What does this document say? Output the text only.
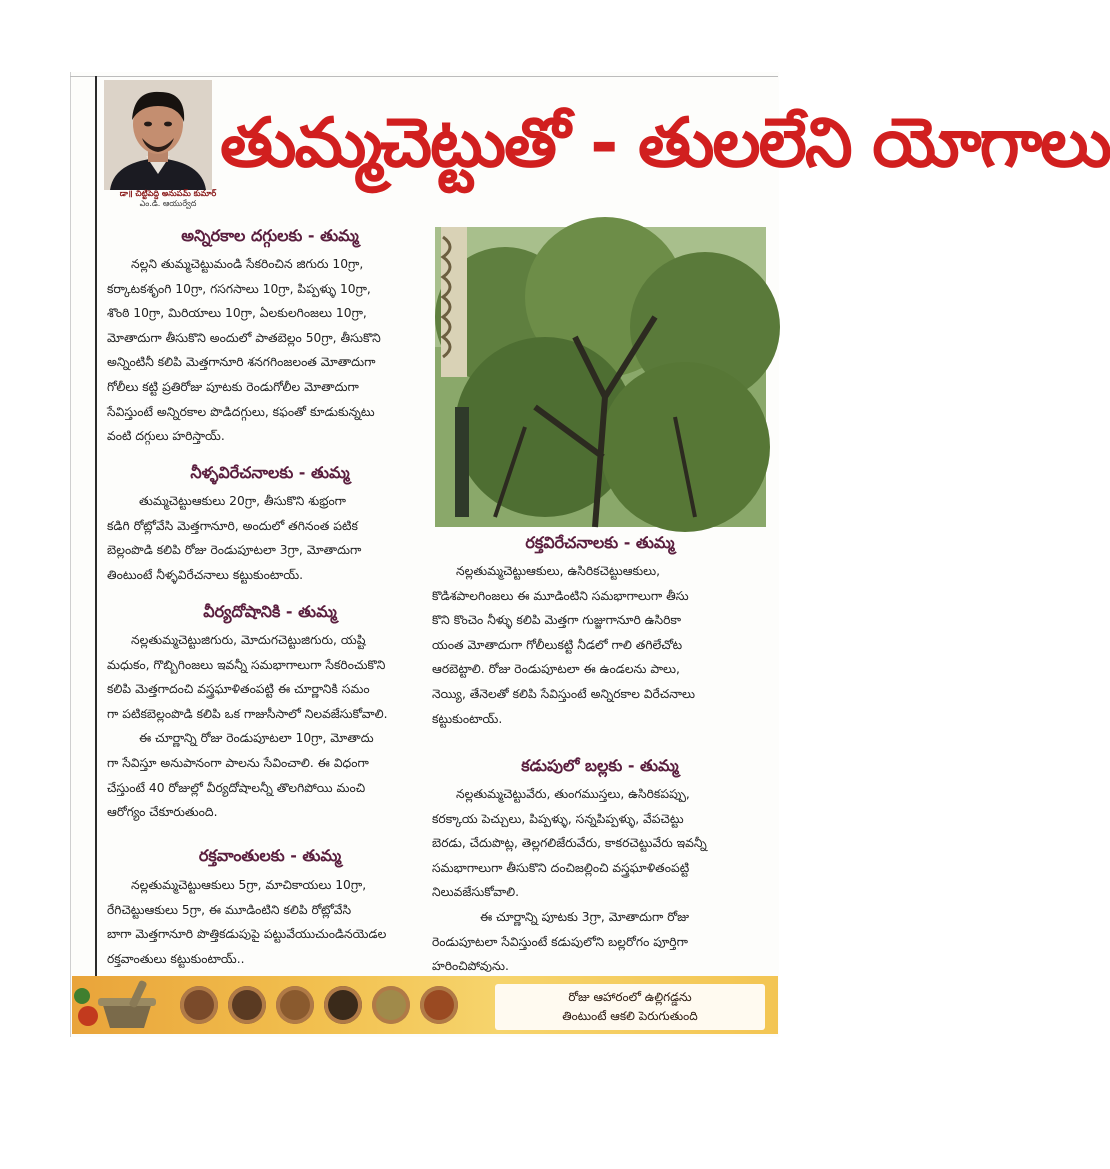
డా॥ చిట్టిపెద్ది అనుపమ్ కుమార్
ఎం.డి. ఆయుర్వేద
తుమ్మచెట్టుతో - తులలేని యోగాలు
అన్నిరకాల దగ్గులకు - తుమ్మ
నల్లని తుమ్మచెట్టుమండి సేకరించిన జిగురు 10గ్రా,
కర్కాటకశృంగి 10గ్రా, గసగసాలు 10గ్రా, పిప్పళ్ళు 10గ్రా,
శొంఠి 10గ్రా, మిరియాలు 10గ్రా, ఏలకులగింజలు 10గ్రా,
మోతాదుగా తీసుకొని అందులో పాతబెల్లం 50గ్రా, తీసుకొని
అన్నింటినీ కలిపి మెత్తగానూరి శనగగింజలంత మోతాదుగా
గోలీలు కట్టి ప్రతిరోజు పూటకు రెండుగోలీల మోతాదుగా
సేవిస్తుంటే అన్నిరకాల పొడిదగ్గులు, కఫంతో కూడుకున్నటు
వంటి దగ్గులు హరిస్తాయ్.
నీళ్ళవిరేచనాలకు - తుమ్మ
తుమ్మచెట్టుఆకులు 20గ్రా, తీసుకొని శుభ్రంగా
కడిగి రోట్లోవేసి మెత్తగానూరి, అందులో తగినంత పటిక
బెల్లంపొడి కలిపి రోజు రెండుపూటలా 3గ్రా, మోతాదుగా
తింటుంటే నీళ్ళవిరేచనాలు కట్టుకుంటాయ్.
వీర్యదోషానికి - తుమ్మ
నల్లతుమ్మచెట్టుజిగురు, మోదుగచెట్టుజిగురు, యష్టి
మధుకం, గొబ్బిగింజలు ఇవన్నీ సమభాగాలుగా సేకరించుకొని
కలిపి మెత్తగాదంచి వస్త్రఘాళితంపట్టి ఈ చూర్ణానికి సమం
గా పటికబెల్లంపొడి కలిపి ఒక గాజుసీసాలో నిలవజేసుకోవాలి.
ఈ చూర్ణాన్ని రోజు రెండుపూటలా 10గ్రా, మోతాదు
గా సేవిస్తూ అనుపానంగా పాలను సేవించాలి. ఈ విధంగా
చేస్తుంటే 40 రోజుల్లో వీర్యదోషాలన్నీ తొలగిపోయి మంచి
ఆరోగ్యం చేకూరుతుంది.
రక్తవాంతులకు - తుమ్మ
నల్లతుమ్మచెట్టుఆకులు 5గ్రా, మాచికాయలు 10గ్రా,
రేగిచెట్టుఆకులు 5గ్రా, ఈ మూడింటిని కలిపి రోట్లోవేసి
బాగా మెత్తగానూరి పొత్తికడుపుపై పట్టువేయుచుండినయెడల
రక్తవాంతులు కట్టుకుంటాయ్..
రక్తవిరేచనాలకు - తుమ్మ
నల్లతుమ్మచెట్టుఆకులు, ఉసిరికచెట్టుఆకులు,
కొడిశపాలగింజలు ఈ మూడింటిని సమభాగాలుగా తీసు
కొని కొంచెం నీళ్ళు కలిపి మెత్తగా గుజ్జుగానూరి ఉసిరికా
యంత మోతాదుగా గోలీలుకట్టి నీడలో గాలి తగిలేచోట
ఆరబెట్టాలి. రోజు రెండుపూటలా ఈ ఉండలను పాలు,
నెయ్యి, తేనెలతో కలిపి సేవిస్తుంటే అన్నిరకాల విరేచనాలు
కట్టుకుంటాయ్.
కడుపులో బల్లకు - తుమ్మ
నల్లతుమ్మచెట్టువేరు, తుంగముస్తలు, ఉసిరికపప్పు,
కరక్కాయ పెచ్చులు, పిప్పళ్ళు, సన్నపిప్పళ్ళు, వేపచెట్టు
బెరడు, చేదుపొట్ల, తెల్లగలిజేరువేరు, కాకరచెట్టువేరు ఇవన్నీ
సమభాగాలుగా తీసుకొని దంచిజల్లించి వస్త్రఘాళితంపట్టి
నిలువజేసుకోవాలి.
ఈ చూర్ణాన్ని పూటకు 3గ్రా, మోతాదుగా రోజు
రెండుపూటలా సేవిస్తుంటే కడుపులోని బల్లరోగం పూర్తిగా
హరించిపోవును.
రోజు ఆహారంలో ఉల్లిగడ్డను
తింటుంటే ఆకలి పెరుగుతుంది
